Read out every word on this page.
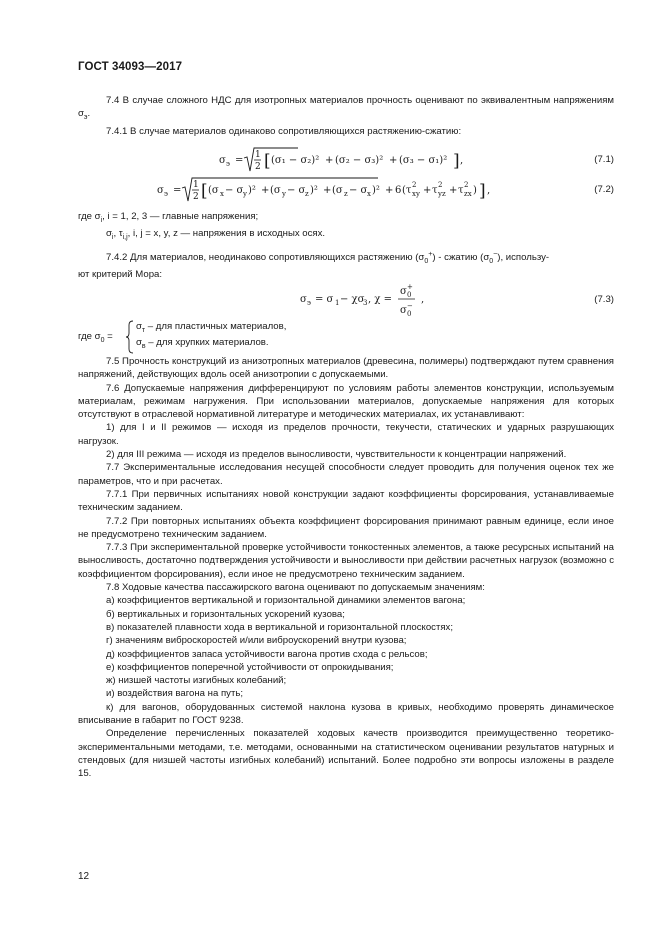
ГОСТ 34093—2017

7.4 В случае сложного НДС для изотропных материалов прочность оценивают по эквивалентным напряжениям $\sigma_э$.

7.4.1 В случае материалов одинаково сопротивляющихся растяжению-сжатию:

σ э = 1
2 [ (σ₁ − σ₂)² + (σ₂ − σ₃)² + (σ₃ − σ₁)² ] ,	(7.1)
σ э = 1
2 [ (σ x − σ y )² + (σ y − σ z )² + (σ z − σ x )² + 6 (τ xy
2 + τ yz
2 + τ zx
2 ) ] ,	(7.2)
где $\sigma_i$, i = 1, 2, 3 — главные напряжения;
$\sigma_i$, $\tau_{i,j}$, i, j = x, y, z — напряжения в исходных осях.

7.4.2 Для материалов, неодинаково сопротивляющихся растяжению $(\sigma_0^+)$ - сжатию $(\sigma_0^-)$, использу-
ют критерий Мора:

σ э = σ 1 − χσ
3 , χ =
σ 0
+
σ 0
−
,	(7.3)
где $\sigma_0$ =
$\sigma_т$ – для пластичных материалов,
$\sigma_в$ – для хрупких материалов.

7.5 Прочность конструкций из анизотропных материалов (древесина, полимеры) подтверждают путем сравнения напряжений, действующих вдоль осей анизотропии с допускаемыми.

7.6 Допускаемые напряжения дифференцируют по условиям работы элементов конструкции, используемым материалам, режимам нагружения. При использовании материалов, допускаемые напряжения для которых отсутствуют в отраслевой нормативной литературе и методических материалах, их устанавливают:

1) для I и II режимов — исходя из пределов прочности, текучести, статических и ударных разрушающих нагрузок.

2) для III режима — исходя из пределов выносливости, чувствительности к концентрации напряжений.

7.7 Экспериментальные исследования несущей способности следует проводить для получения оценок тех же параметров, что и при расчетах.

7.7.1 При первичных испытаниях новой конструкции задают коэффициенты форсирования, устанавливаемые техническим заданием.

7.7.2 При повторных испытаниях объекта коэффициент форсирования принимают равным единице, если иное не предусмотрено техническим заданием.

7.7.3 При экспериментальной проверке устойчивости тонкостенных элементов, а также ресурсных испытаний на выносливость, достаточно подтверждения устойчивости и выносливости при действии расчетных нагрузок (возможно с коэффициентом форсирования), если иное не предусмотрено техническим заданием.

7.8 Ходовые качества пассажирского вагона оценивают по допускаемым значениям:

а) коэффициентов вертикальной и горизонтальной динамики элементов вагона;

б) вертикальных и горизонтальных ускорений кузова;

в) показателей плавности хода в вертикальной и горизонтальной плоскостях;

г) значениям виброскоростей и/или виброускорений внутри кузова;

д) коэффициентов запаса устойчивости вагона против схода с рельсов;

е) коэффициентов поперечной устойчивости от опрокидывания;

ж) низшей частоты изгибных колебаний;

и) воздействия вагона на путь;

к) для вагонов, оборудованных системой наклона кузова в кривых, необходимо проверять динамическое вписывание в габарит по ГОСТ 9238.

Определение перечисленных показателей ходовых качеств производится преимущественно теоретико-экспериментальными методами, т.е. методами, основанными на статистическом оценивании результатов натурных и стендовых (для низшей частоты изгибных колебаний) испытаний. Более подробно эти вопросы изложены в разделе 15.

12
